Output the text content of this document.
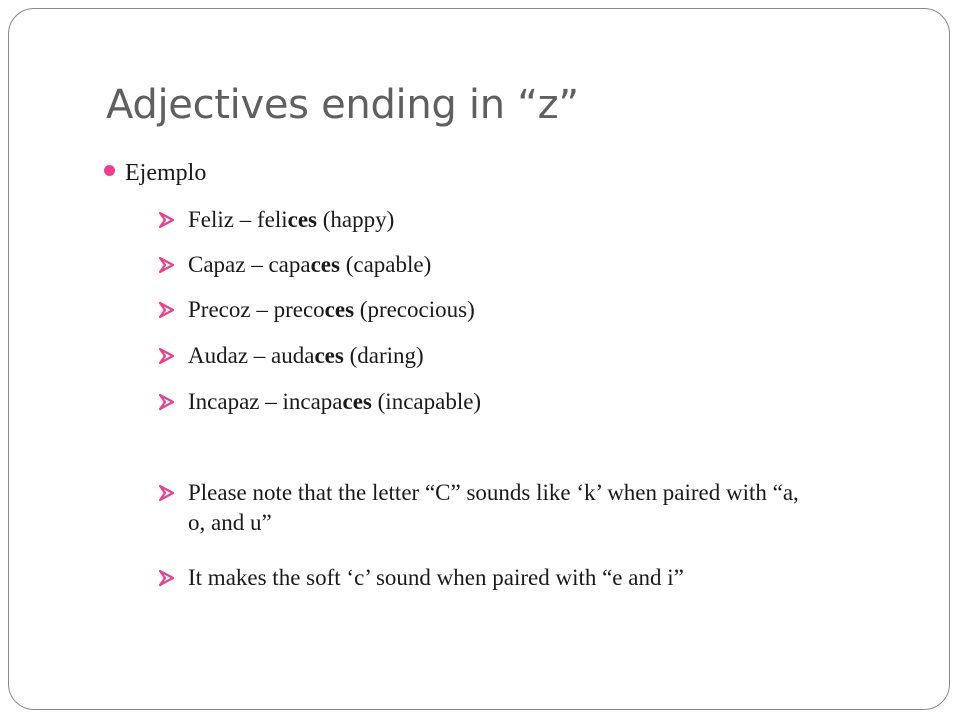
Adjectives ending in “z”
Ejemplo
Feliz – felices (happy)
Capaz – capaces (capable)
Precoz – precoces (precocious)
Audaz – audaces (daring)
Incapaz – incapaces (incapable)
Please note that the letter “C” sounds like ‘k’ when paired with “a, o, and u”
It makes the soft ‘c’ sound when paired with “e and i”
